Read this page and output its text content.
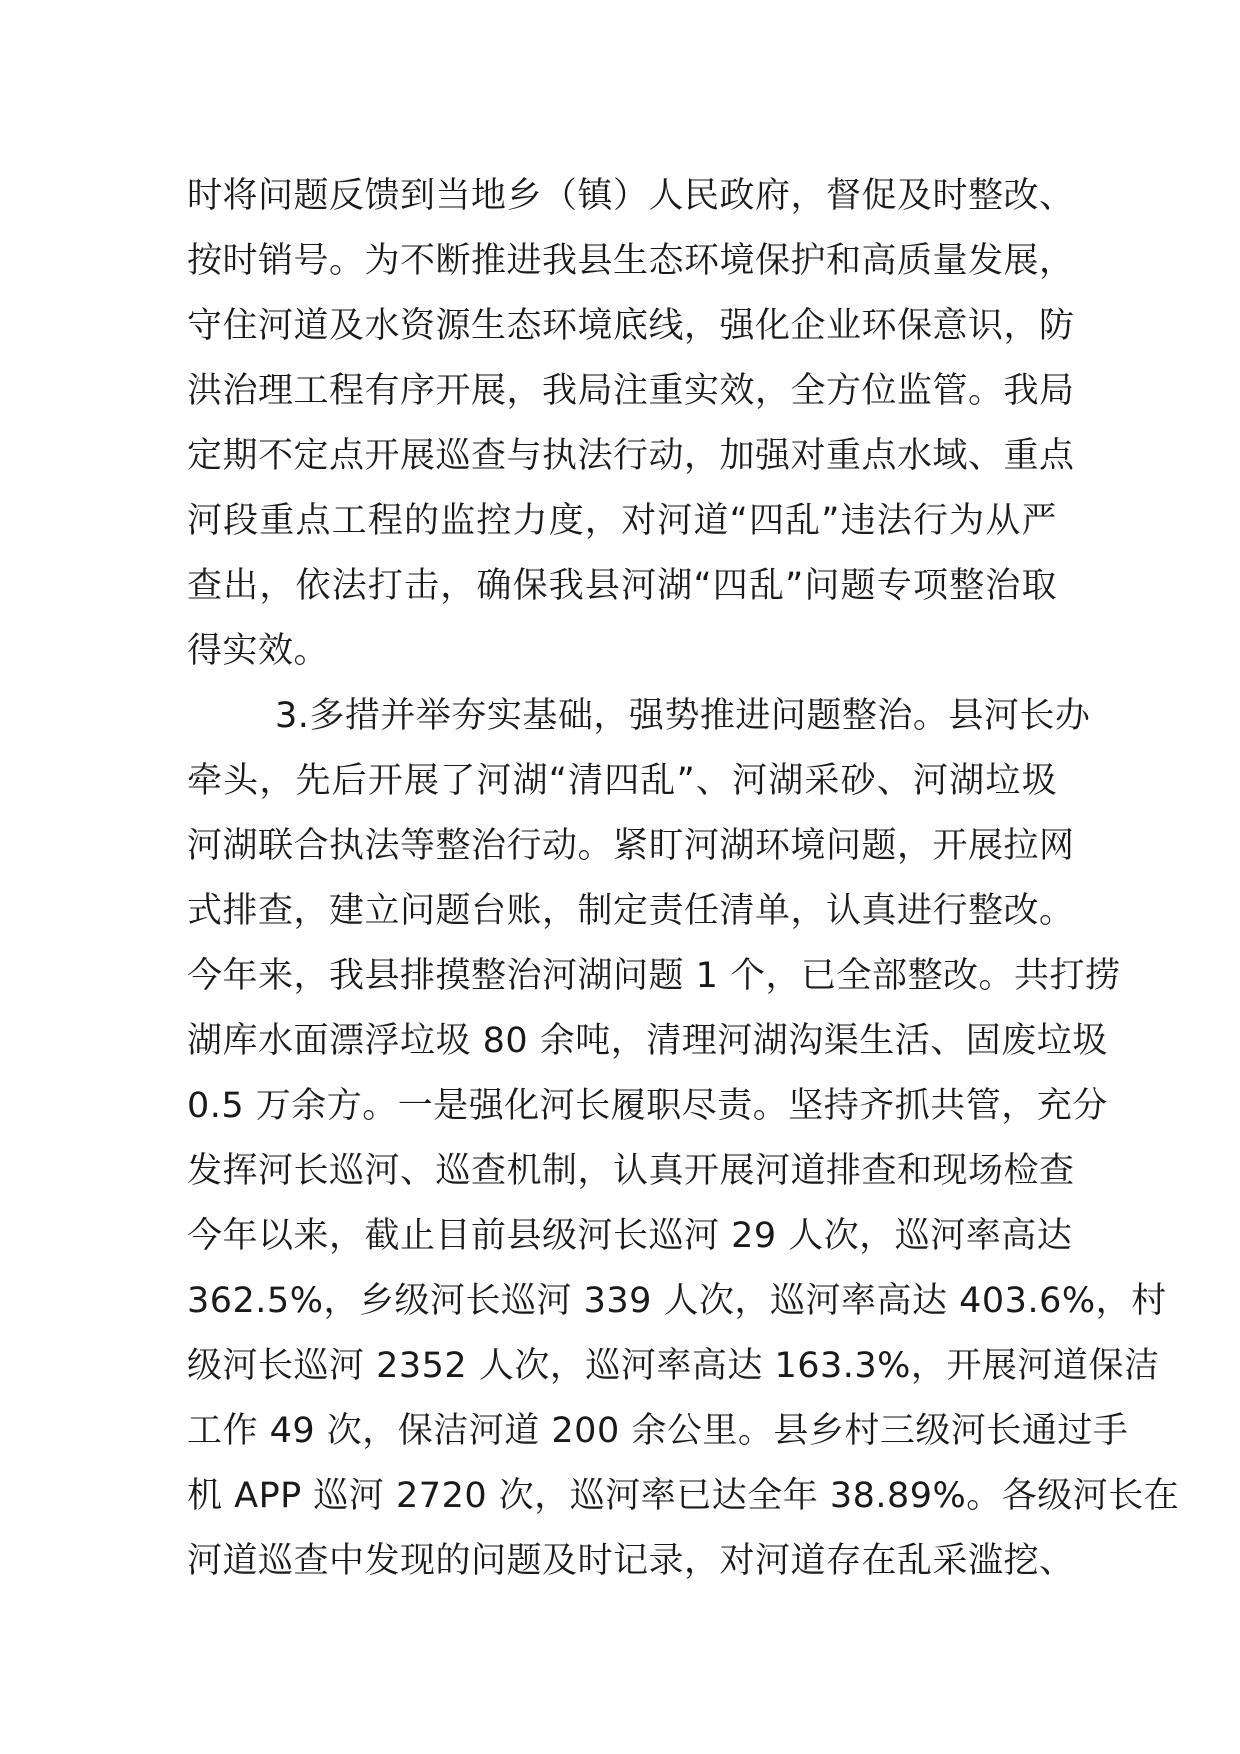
时将问题反馈到当地乡（镇）人民政府，督促及时整改、
按时销号。为不断推进我县生态环境保护和高质量发展，
守住河道及水资源生态环境底线，强化企业环保意识，防
洪治理工程有序开展，我局注重实效，全方位监管。我局
定期不定点开展巡查与执法行动，加强对重点水域、重点
河段重点工程的监控力度，对河道“四乱”违法行为从严
查出，依法打击，确保我县河湖“四乱”问题专项整治取
得实效。
3.多措并举夯实基础，强势推进问题整治。县河长办
牵头，先后开展了河湖“清四乱”、河湖采砂、河湖垃圾
河湖联合执法等整治行动。紧盯河湖环境问题，开展拉网
式排查，建立问题台账，制定责任清单，认真进行整改。
今年来，我县排摸整治河湖问题 1 个，已全部整改。共打捞
湖库水面漂浮垃圾 80 余吨，清理河湖沟渠生活、固废垃圾
0.5 万余方。一是强化河长履职尽责。坚持齐抓共管，充分
发挥河长巡河、巡查机制，认真开展河道排查和现场检查
今年以来，截止目前县级河长巡河 29 人次，巡河率高达
362.5%，乡级河长巡河 339 人次，巡河率高达 403.6%，村
级河长巡河 2352 人次，巡河率高达 163.3%，开展河道保洁
工作 49 次，保洁河道 200 余公里。县乡村三级河长通过手
机 APP 巡河 2720 次，巡河率已达全年 38.89%。各级河长在
河道巡查中发现的问题及时记录，对河道存在乱采滥挖、
